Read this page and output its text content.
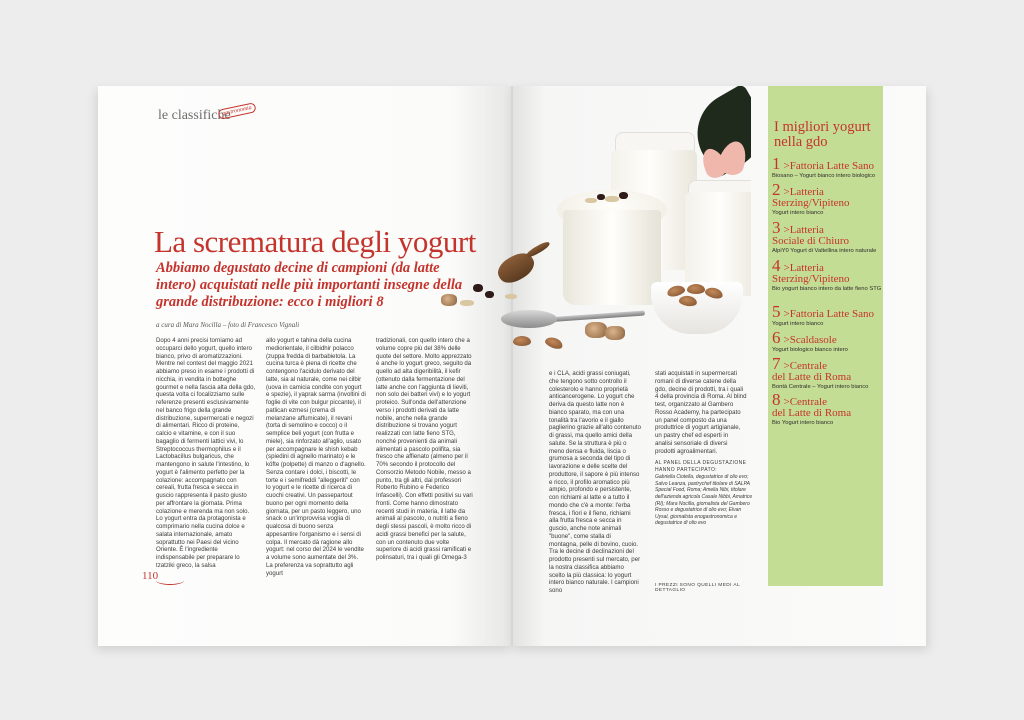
le classifiche
gastronomia
La scrematura degli yogurt
Abbiamo degustato decine di campioni (da latte intero) acquistati nelle più importanti insegne della grande distribuzione: ecco i migliori 8
a cura di Mara Nocilla – foto di Francesco Vignali

Dopo 4 anni precisi torniamo ad occuparci dello yogurt, quello intero bianco, privo di aromatizzazioni. Mentre nel contest del maggio 2021 abbiamo preso in esame i prodotti di nicchia, in vendita in botteghe gourmet e nella fascia alta della gdo, questa volta ci focalizziamo sulle referenze presenti esclusivamente nel banco frigo della grande distribuzione, supermercati e negozi di alimentari. Ricco di proteine, calcio e vitamine, e con il suo bagaglio di fermenti lattici vivi, lo Streptococcus thermophilus e il Lactobacillus bulgaricus, che mantengono in salute l'intestino, lo yogurt è l'alimento perfetto per la colazione: accompagnato con cereali, frutta fresca e secca in guscio rappresenta il pasto giusto per affrontare la giornata. Prima colazione e merenda ma non solo. Lo yogurt entra da protagonista e comprimario nella cucina dolce e salata internazionale, amato soprattutto nei Paesi del vicino Oriente. È l'ingrediente indispensabile per preparare lo tzatziki greco, la salsa

allo yogurt e tahina della cucina mediorientale, il cilbidhir polacco (zuppa fredda di barbabietola. La cucina turca è piena di ricette che contengono l'acidulo derivato del latte, sia al naturale, come nei cilbir (uova in camicia condite con yogurt e spezie), il yaprak sarma (involtini di foglie di vite con bulgur piccante), il patlican ezmesi (crema di melanzane affumicate), il revani (torta di semolino e cocco) o il semplice beli yogurt (con frutta e miele), sia rinforzato all'aglio, usato per accompagnare le shish kebab (spiedini di agnello marinato) e le köfte (polpette) di manzo o d'agnello. Senza contare i dolci, i biscotti, le torte e i semifreddi "alleggeriti" con lo yogurt e le ricette di ricerca di cuochi creativi. Un passepartout buono per ogni momento della giornata, per un pasto leggero, uno snack o un'improvvisa voglia di qualcosa di buono senza appesantire l'organismo e i sensi di colpa. Il mercato dà ragione allo yogurt: nel corso del 2024 le vendite a volume sono aumentate del 3%. La preferenza va soprattutto agli yogurt

tradizionali, con quello intero che a volume copre più del 38% delle quote del settore. Molto apprezzato è anche lo yogurt greco, seguito da quello ad alta digeribilità, il kefir (ottenuto dalla fermentazione del latte anche con l'aggiunta di lieviti, non solo dei batteri vivi) e lo yogurt proteico. Sull'onda dell'attenzione verso i prodotti derivati da latte nobile, anche nella grande distribuzione si trovano yogurt realizzati con latte fieno STG, nonché provenienti da animali alimentati a pascolo polifita, sia fresco che affienato (almeno per il 70% secondo il protocollo del Consorzio Metodo Nobile, messo a punto, tra gli altri, dai professori Roberto Rubino e Federico Infascelli). Con effetti positivi su vari fronti. Come hanno dimostrato recenti studi in materia, il latte da animali al pascolo, o nutriti a fieno degli stessi pascoli, è molto ricco di acidi grassi benefici per la salute, con un contenuto due volte superiore di acidi grassi ramificati e polinsaturi, tra i quali gli Omega-3

110

e i CLA, acidi grassi coniugati, che tengono sotto controllo il colesterolo e hanno proprietà anticancerogene. Lo yogurt che deriva da questo latte non è bianco sparato, ma con una tonalità tra l'avorio e il giallo paglierino grazie all'alto contenuto di grassi, ma quello amici della salute. Se la struttura è più o meno densa e fluida, liscia o grumosa a seconda del tipo di lavorazione e delle scelte del produttore, il sapore è più intenso e ricco, il profilo aromatico più ampio, profondo e persistente, con richiami al latte e a tutto il mondo che c'è a monte: l'erba fresca, i fiori e il fieno, richiami alla frutta fresca e secca in guscio, anche note animali "buone", come stalla di montagna, pelle di bovino, cuoio. Tra le decine di declinazioni del prodotto presenti sul mercato, per la nostra classifica abbiamo scelto la più classica: lo yogurt intero bianco naturale. I campioni sono

stati acquistati in supermercati romani di diverse catene della gdo, decine di prodotti, tra i quali 4 della provincia di Roma. Al blind test, organizzato al Gambero Rosso Academy, ha partecipato un panel composto da una produttrice di yogurt artigianale, un pastry chef ed esperti in analisi sensoriale di diversi prodotti agroalimentari.

AL PANEL DELLA DEGUSTAZIONE HANNO PARTECIPATO:
Gabriella Ciotella, degustatrice di olio evo; Salvo Leanza, pastrychef titolare di SALPA Special Food, Roma; Amelia Nibi, titolare dell'azienda agricola Casale Nibbi, Amatrice (RI); Mara Nocilla, giornalista del Gambero Rosso e degustatrice di olio evo; Elvan Uysal, giornalista enogastronomica e degustatrice di olio evo
I PREZZI SONO QUELLI MEDI AL DETTAGLIO
I migliori yogurt nella gdo
1 >Fattoria Latte Sano
Biosano – Yogurt bianco intero biologico
2 >Latteria
Sterzing/Vipiteno
Yogurt intero bianco
3 >Latteria
Sociale di Chiuro
AlpiY0 Yogurt di Valtellina intero naturale
4 >Latteria
Sterzing/Vipiteno
Bio yogurt bianco intero da latte fieno STG
5 >Fattoria Latte Sano
Yogurt intero bianco
6 >Scaldasole
Yogurt biologico bianco intero
7 >Centrale
del Latte di Roma
Bontà Centrale – Yogurt intero bianco
8 >Centrale
del Latte di Roma
Bio Yogurt intero bianco
